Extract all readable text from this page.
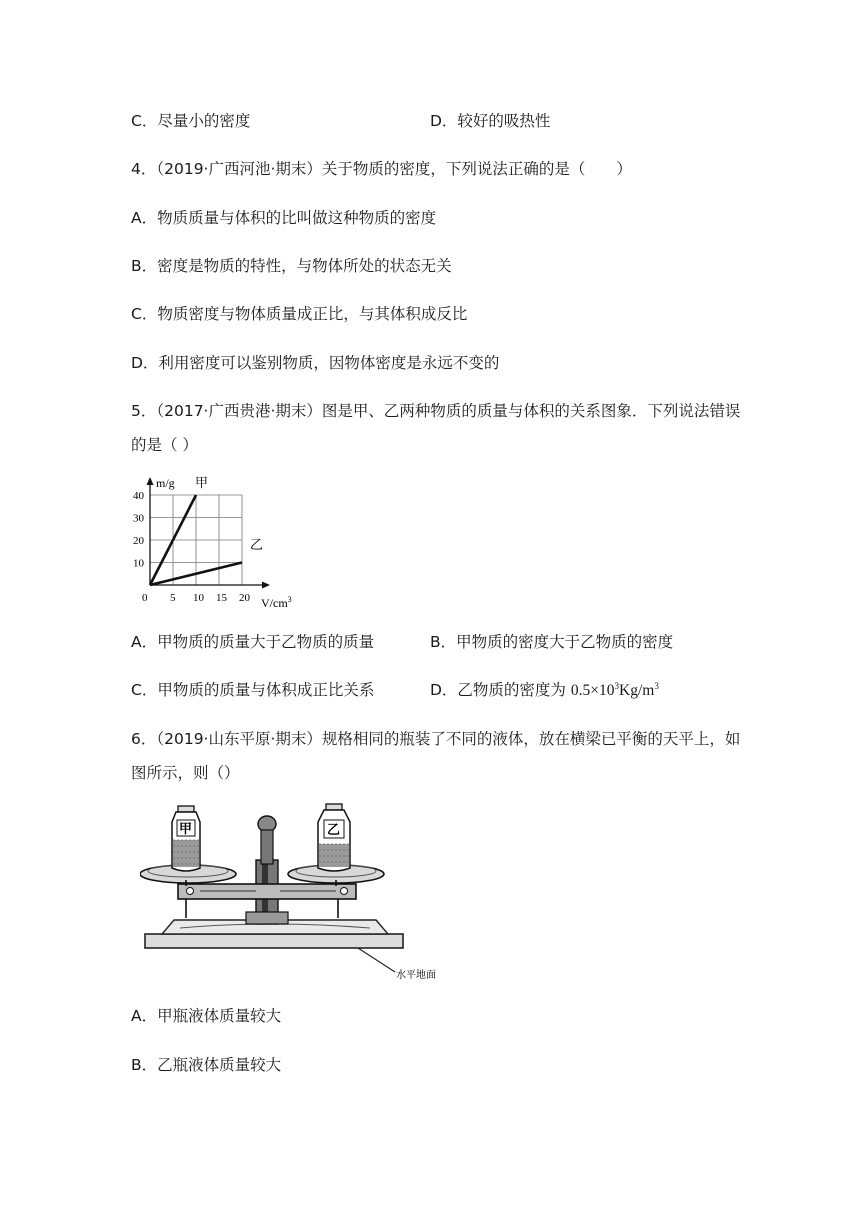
C．尽量小的密度	D．较好的吸热性
4．（2019·广西河池·期末）关于物质的密度，下列说法正确的是（　　）
A．物质质量与体积的比叫做这种物质的密度
B．密度是物质的特性，与物体所处的状态无关
C．物质密度与物体质量成正比，与其体积成反比
D．利用密度可以鉴别物质，因物体密度是永远不变的
5．（2017·广西贵港·期末）图是甲、乙两种物质的质量与体积的关系图象．下列说法错误
的是（ ）
0 5 10 15 20
10
20
30
40
m/g
$V/cm^3$
甲
乙
A．甲物质的质量大于乙物质的质量	B．甲物质的密度大于乙物质的密度
C．甲物质的质量与体积成正比关系	D．乙物质的密度为 $0.5\times 10^3Kg/m^3$
6．（2019·山东平原·期末）规格相同的瓶装了不同的液体，放在横梁已平衡的天平上，如
图所示，则（）
水平地面
甲	乙
A．甲瓶液体质量较大
B．乙瓶液体质量较大
